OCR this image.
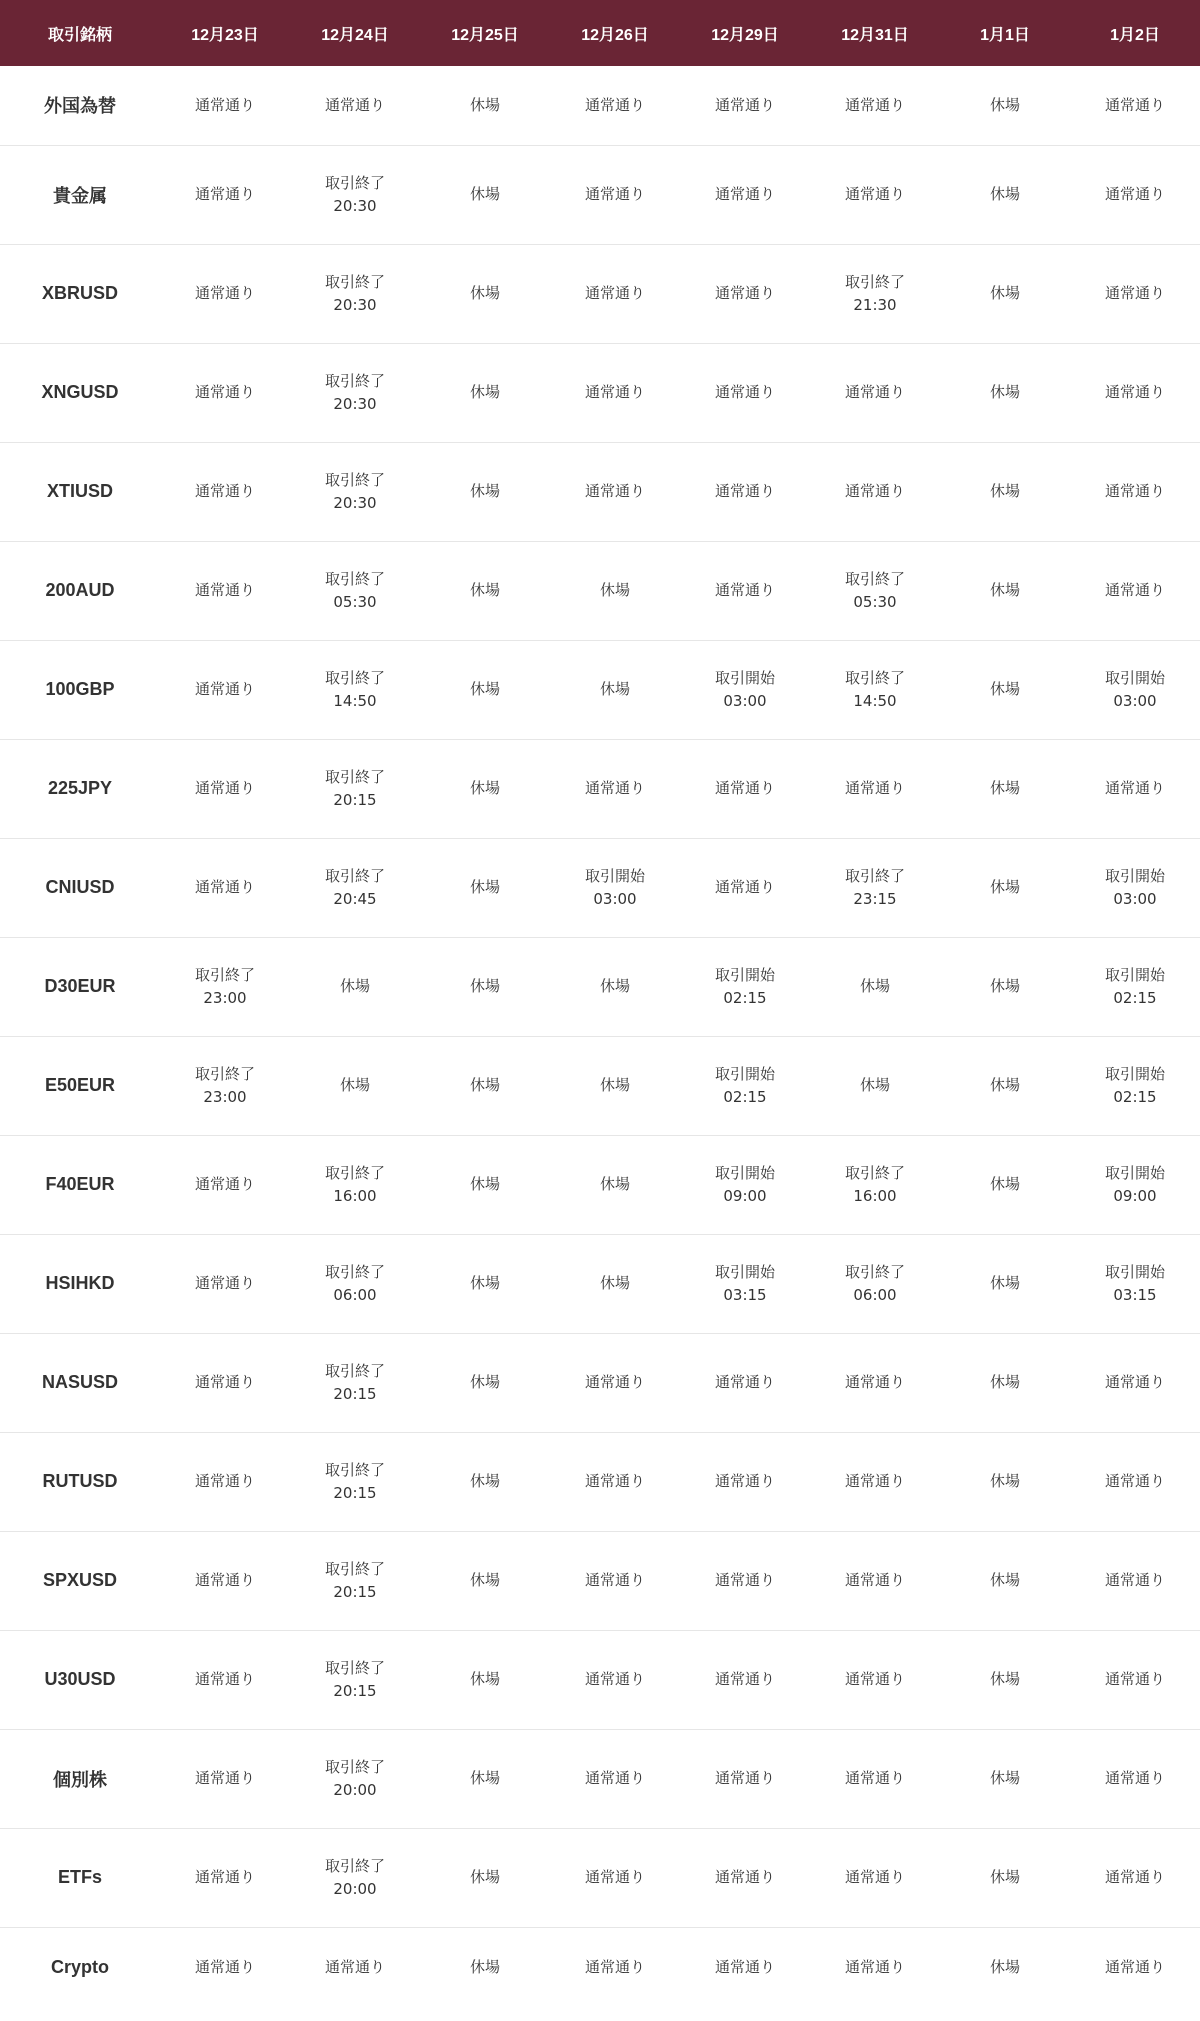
取引銘柄	12月23日	12月24日	12月25日	12月26日	12月29日	12月31日	1月1日	1月2日
外国為替	通常通り	通常通り	休場	通常通り	通常通り	通常通り	休場	通常通り

貴金属	通常通り	取引終了
20:30	休場	通常通り	通常通り	通常通り	休場	通常通り

XBRUSD	通常通り	取引終了
20:30	休場	通常通り	通常通り	取引終了
21:30	休場	通常通り

XNGUSD	通常通り	取引終了
20:30	休場	通常通り	通常通り	通常通り	休場	通常通り

XTIUSD	通常通り	取引終了
20:30	休場	通常通り	通常通り	通常通り	休場	通常通り

200AUD	通常通り	取引終了
05:30	休場	休場	通常通り	取引終了
05:30	休場	通常通り

100GBP	通常通り	取引終了
14:50	休場	休場	取引開始
03:00	取引終了
14:50	休場	取引開始
03:00

225JPY	通常通り	取引終了
20:15	休場	通常通り	通常通り	通常通り	休場	通常通り

CNIUSD	通常通り	取引終了
20:45	休場	取引開始
03:00	通常通り	取引終了
23:15	休場	取引開始
03:00

D30EUR	取引終了
23:00	休場	休場	休場	取引開始
02:15	休場	休場	取引開始
02:15

E50EUR	取引終了
23:00	休場	休場	休場	取引開始
02:15	休場	休場	取引開始
02:15

F40EUR	通常通り	取引終了
16:00	休場	休場	取引開始
09:00	取引終了
16:00	休場	取引開始
09:00

HSIHKD	通常通り	取引終了
06:00	休場	休場	取引開始
03:15	取引終了
06:00	休場	取引開始
03:15

NASUSD	通常通り	取引終了
20:15	休場	通常通り	通常通り	通常通り	休場	通常通り

RUTUSD	通常通り	取引終了
20:15	休場	通常通り	通常通り	通常通り	休場	通常通り

SPXUSD	通常通り	取引終了
20:15	休場	通常通り	通常通り	通常通り	休場	通常通り

U30USD	通常通り	取引終了
20:15	休場	通常通り	通常通り	通常通り	休場	通常通り

個別株	通常通り	取引終了
20:00	休場	通常通り	通常通り	通常通り	休場	通常通り

ETFs	通常通り	取引終了
20:00	休場	通常通り	通常通り	通常通り	休場	通常通り

Crypto	通常通り	通常通り	休場	通常通り	通常通り	通常通り	休場	通常通り
